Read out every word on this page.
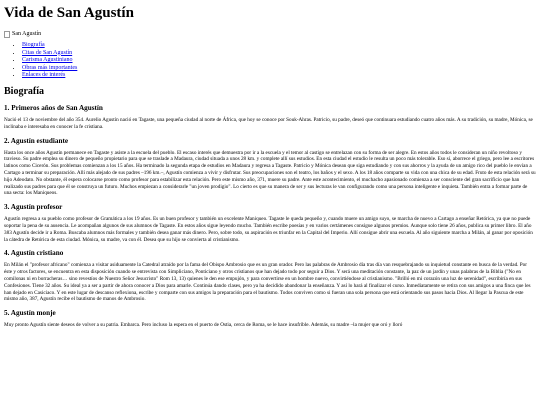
Vida de San Agustín
San Agustín
• Biografía
• Citas de San Agustín
• Carisma Agustiniano
• Obras más importantes
• Enlaces de interés
Biografía
1. Primeros años de San Agustín

Nació el 13 de noviembre del año 354. Aurelio Agustín nació en Tagaste, una pequeña ciudad al norte de África, que hoy se conoce por Souk-Ahras. Patricio, su padre, deseó que continuara estudiando cuatro años más. A su tradición, su madre, Mónica, se inclinaba e interesaba en conocer la fe cristiana.

2. Agustín estudiante

Hasta los once años Agustín permanece en Tagaste y asiste a la escuela del pueblo. El escaso interés que demuestra por ir a la escuela y el temor al castigo se entrelazan con su forma de ser alegre. En estos años todos le consideran un niño revoltoso y travieso. Su padre emplea su dinero de pequeño propietario para que se traslade a Madaura, ciudad situada a unos 28 km. y complete allí sus estudios. En esta ciudad el estudio le resulta un poco más tolerable. Eso sí, aborrece el griego, pero lee a escritores latinos como Cicerón. Sus problemas comienzan a los 15 años. Ha terminado la segunda etapa de estudios en Madaura y regresa a Tagaste. Patricio y Mónica desean que siga estudiando y con sus ahorros y la ayuda de un amigo rico del pueblo le envían a Cartago a terminar su preparación. Allí más alejado de sus padres –196 km.–, Agustín comienza a vivir y disfrutar. Sus preocupaciones son el teatro, los baños y el sexo. A los 18 años comparte su vida con una chica de su edad. Fruto de esta relación será su hijo Adeodato. No obstante, él espera colocarse pronto como profesor para estabilizar esta relación. Pero este mismo año, 371, muere su padre. Ante este acontecimiento, el muchacho apasionado comienza a ser consciente del gran sacrificio que han realizado sus padres para que él se construya un futuro. Muchos empiezan a considerarle "un joven prodigio". Lo cierto es que su manera de ser y sus lecturas le van configurando como una persona inteligente e inquieta. También entra a formar parte de una secta: los Maniqueos.

3. Agustín profesor

Agustín regresa a su pueblo como profesor de Gramática a los 19 años. Es un buen profesor y también un excelente Maniqueo. Tagaste le queda pequeño y, cuando muere un amigo suyo, se marcha de nuevo a Cartago a enseñar Retórica, ya que no puede soportar la pena de su ausencia. Le acompañan algunos de sus alumnos de Tagaste. En estos años sigue leyendo mucho. También escribe poesías y en varios certámenes consigue algunos premios. Aunque solo tiene 26 años, publica su primer libro. El año 383 Agustín decide ir a Roma. Buscaba alumnos más formales y también desea ganar más dinero. Pero, sobre todo, su aspiración es triunfar en la Capital del Imperio. Allí consigue abrir una escuela. Al año siguiente marcha a Milán, al ganar por oposición la cátedra de Retórica de esta ciudad. Mónica, su madre, va con él. Desea que su hijo se convierta al cristianismo.

4. Agustín cristiano

En Milán el "profesor africano" comienza a visitar asiduamente la Catedral atraído por la fama del Obispo Ambrosio que es un gran orador. Pero las palabras de Ambrosio día tras día van resquebrajando su inquietud constante en busca de la verdad. Por éste y otros factores, se encuentra en esta disposición cuando se entrevista con Simpliciano, Ponticiano y otros cristianos que han dejado todo por seguir a Dios. Y será una meditación constante, la paz de un jardín y unas palabras de la Biblia ("No en comilonas ni en borracheras… sino revestíos de Nuestro Señor Jesucristo" Rom 13, 13) quienes le den ese empujón, y para convertirse en un hombre nuevo, convirtiéndose al cristianismo. "Brilló en mi corazón una luz de serenidad", escribiría en sus Confesiones. Tiene 32 años. Su ideal ya a ser a partir de ahora conocer a Dios para amarle. Continúa dando clases, pero ya ha decidido abandonar la enseñanza. Y así lo hará al finalizar el curso. Inmediatamente se retira con sus amigos a una finca que les han dejado en Casiciaco. Y en este lugar de descanso reflexiona, escribe y comparte con sus amigos la preparación para el bautismo. Todos conviven como si fueran una sola persona que está orientando sus pasos hacia Dios. Al llegar la Pascua de este mismo año, 387, Agustín recibe el bautismo de manos de Ambrosio.

5. Agustín monje

Muy pronto Agustín siente deseos de volver a su patria. Embarca. Pero incluso la espera en el puerto de Ostia, cerca de Roma, se le hace insufrible. Además, su madre –la mujer que oró y lloró
